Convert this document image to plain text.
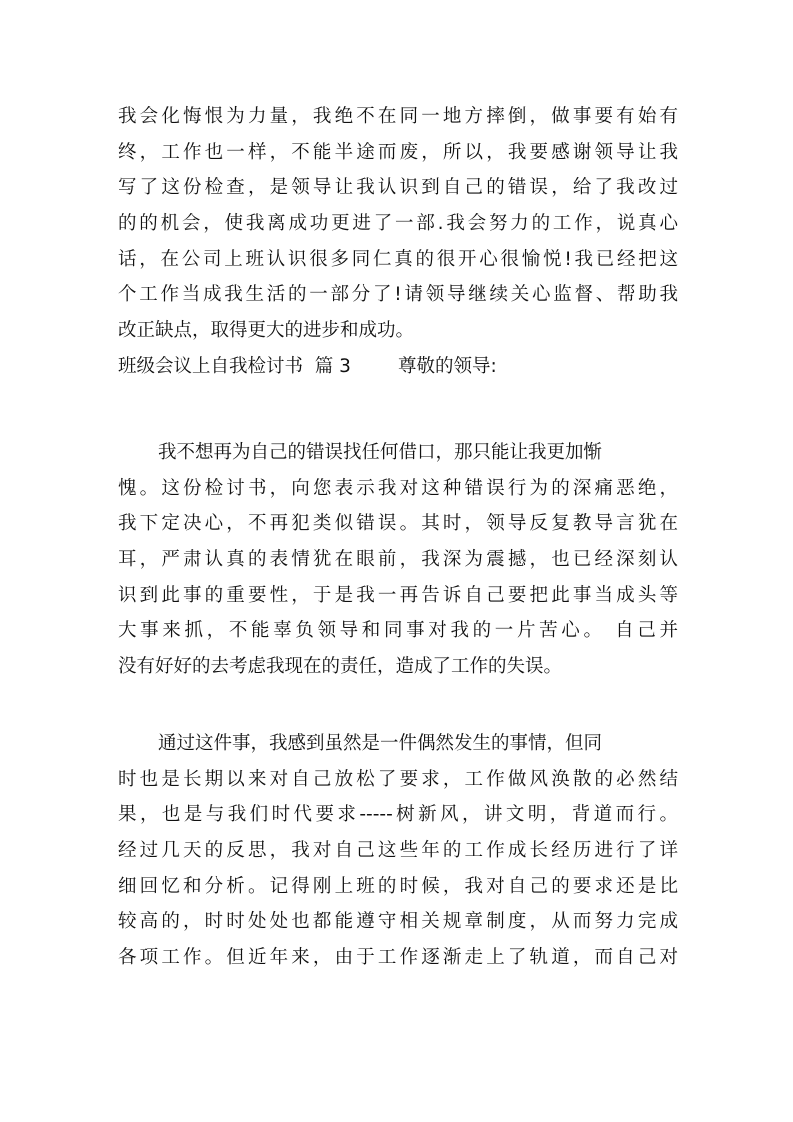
我会化悔恨为力量，我绝不在同一地方摔倒，做事要有始有
终，工作也一样，不能半途而废，所以，我要感谢领导让我
写了这份检查，是领导让我认识到自己的错误，给了我改过
的的机会，使我离成功更进了一部.我会努力的工作，说真心
话，在公司上班认识很多同仁真的很开心很愉悦!我已经把这
个工作当成我生活的一部分了!请领导继续关心监督、帮助我
改正缺点，取得更大的进步和成功。
班级会议上自我检讨书  篇 3        尊敬的领导:
我不想再为自己的错误找任何借口，那只能让我更加惭
愧。这份检讨书，向您表示我对这种错误行为的深痛恶绝，
我下定决心，不再犯类似错误。其时，领导反复教导言犹在
耳，严肃认真的表情犹在眼前，我深为震撼，也已经深刻认
识到此事的重要性，于是我一再告诉自己要把此事当成头等
大事来抓，不能辜负领导和同事对我的一片苦心。 自己并
没有好好的去考虑我现在的责任，造成了工作的失误。
通过这件事，我感到虽然是一件偶然发生的事情，但同
时也是长期以来对自己放松了要求，工作做风涣散的必然结
果，也是与我们时代要求-----树新风，讲文明，背道而行。
经过几天的反思，我对自己这些年的工作成长经历进行了详
细回忆和分析。记得刚上班的时候，我对自己的要求还是比
较高的，时时处处也都能遵守相关规章制度，从而努力完成
各项工作。但近年来，由于工作逐渐走上了轨道，而自己对
